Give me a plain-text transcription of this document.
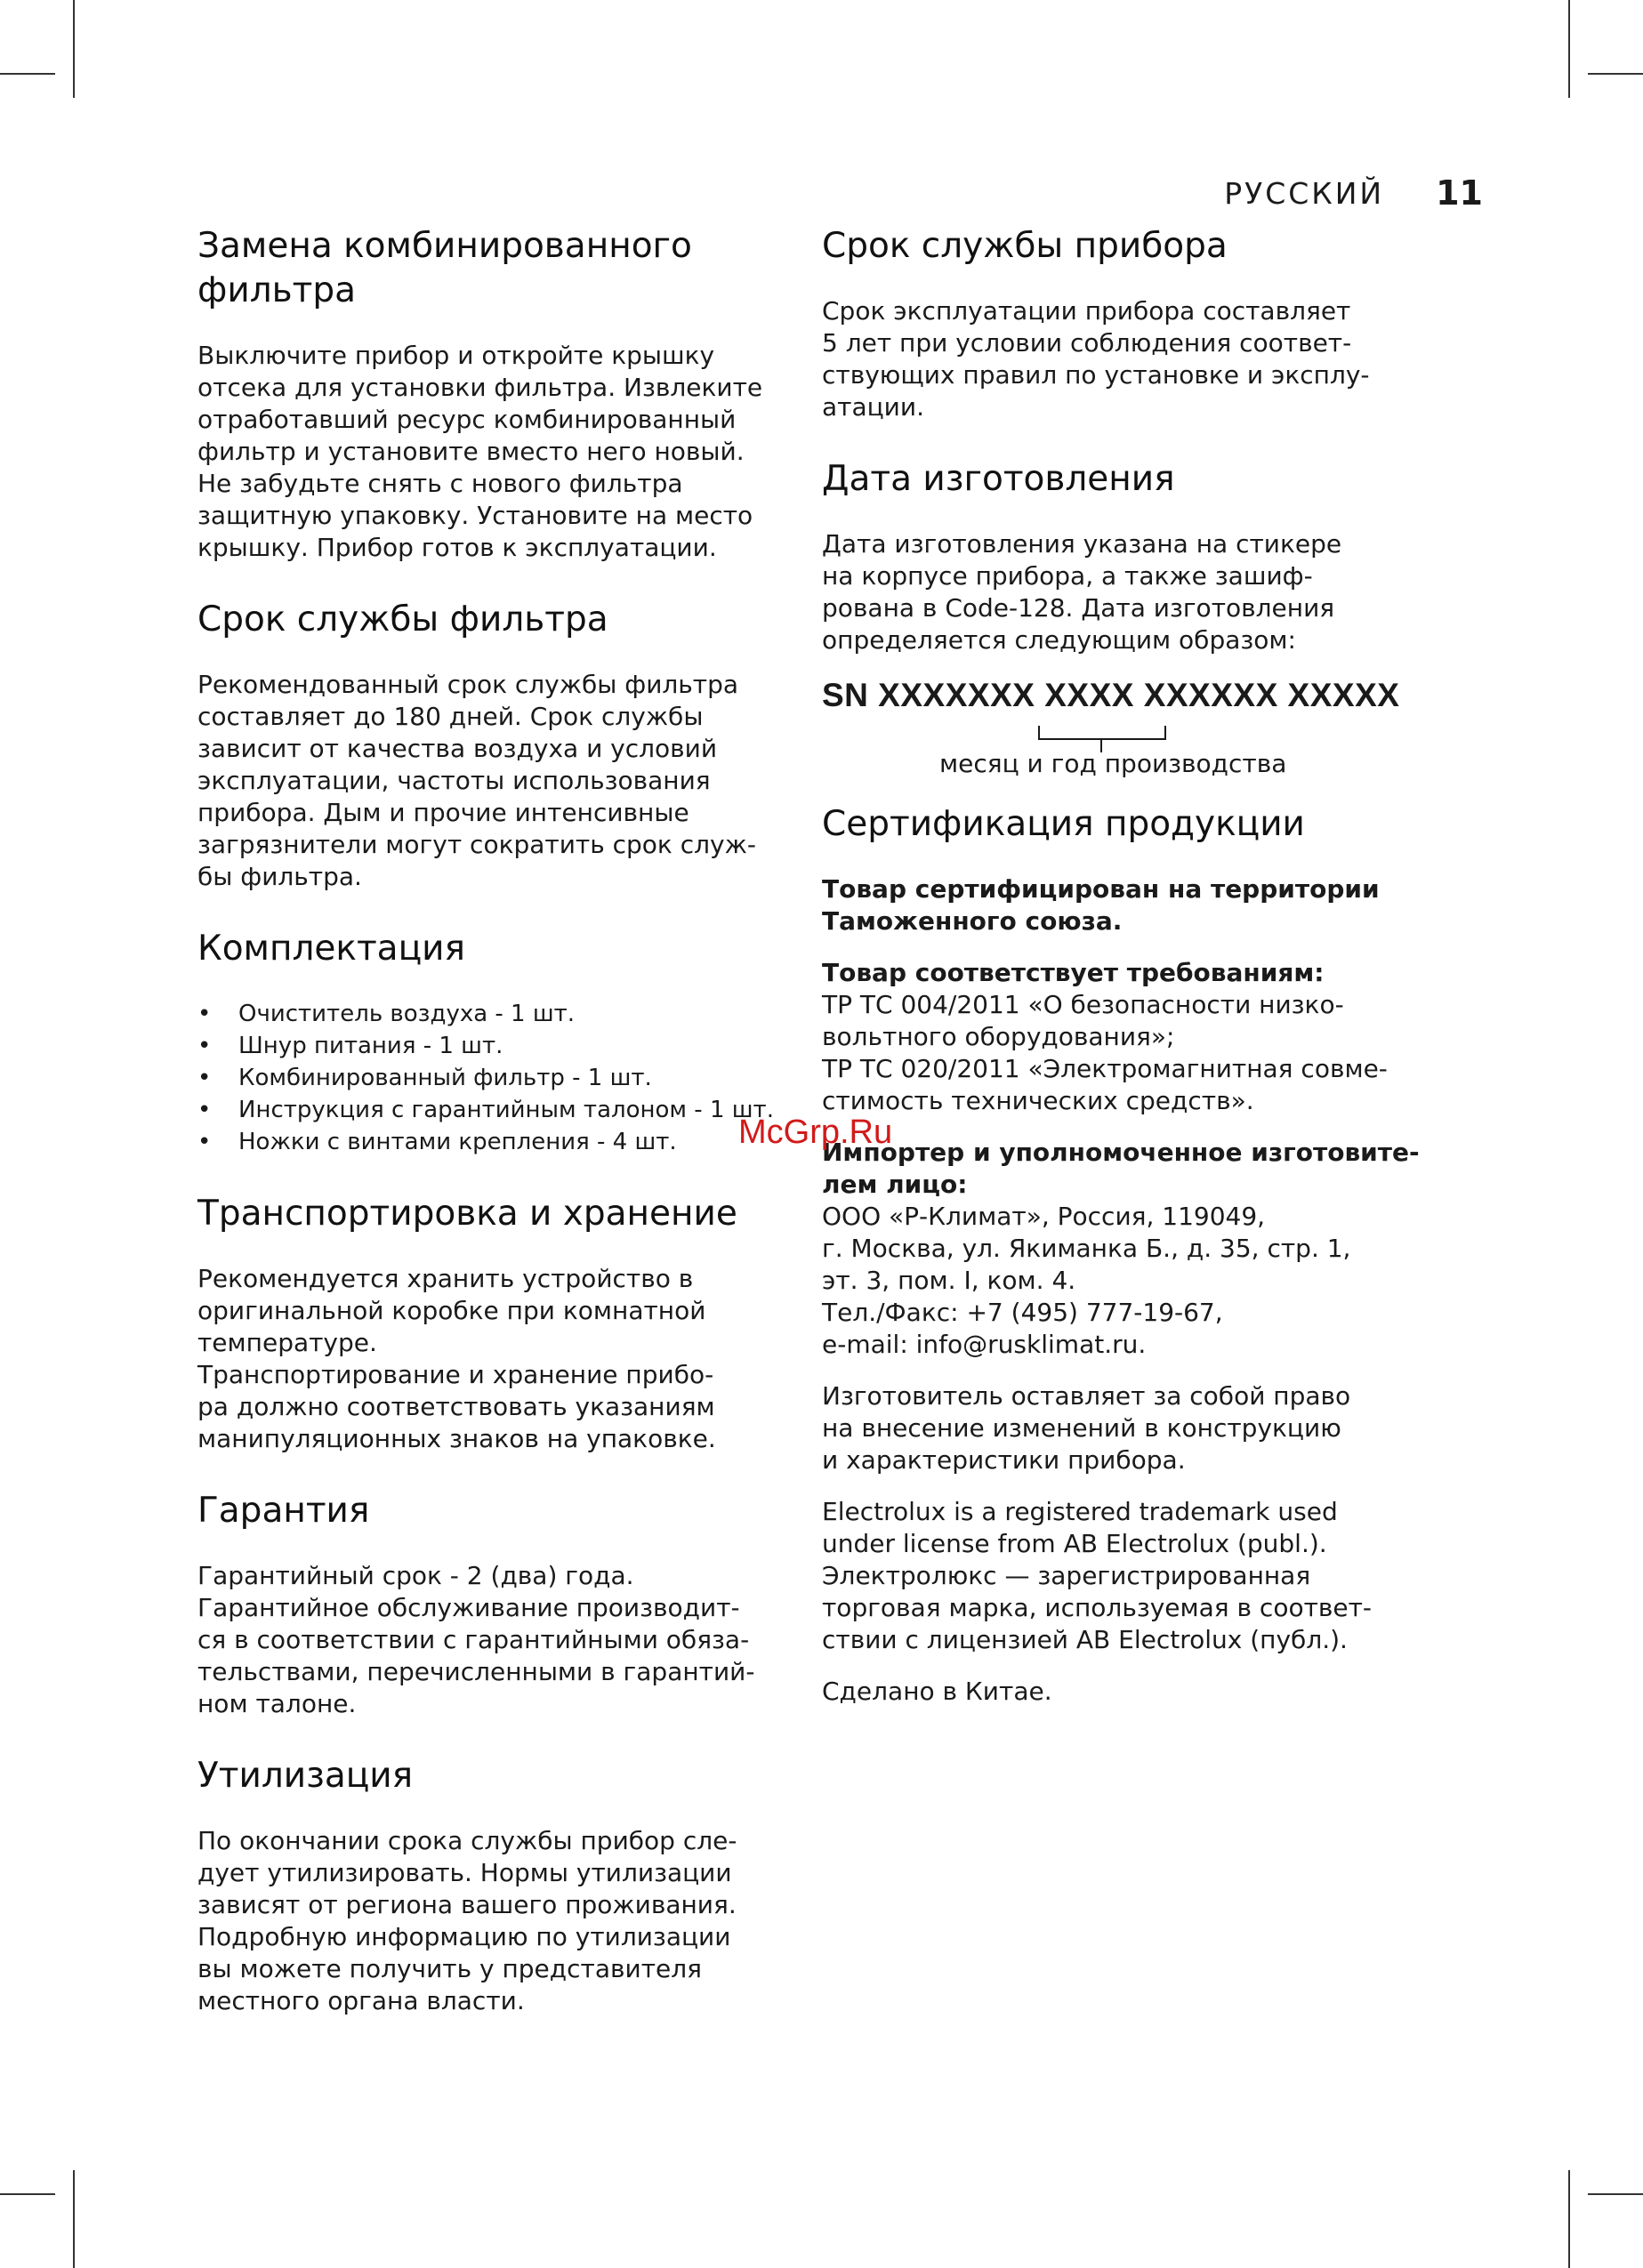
РУССКИЙ 11
Замена комбинированного
фильтра

Выключите прибор и откройте крышку
отсека для установки фильтра. Извлеките
отработавший ресурс комбинированный
фильтр и установите вместо него новый.
Не забудьте снять с нового фильтра
защитную упаковку. Установите на место
крышку. Прибор готов к эксплуатации.

Срок службы фильтра

Рекомендованный срок службы фильтра
составляет до 180 дней. Срок службы
зависит от качества воздуха и условий
эксплуатации, частоты использования
прибора. Дым и прочие интенсивные
загрязнители могут сократить срок служ-
бы фильтра.

Комплектация
• Очиститель воздуха - 1 шт.
• Шнур питания - 1 шт.
• Комбинированный фильтр - 1 шт.
• Инструкция с гарантийным талоном - 1 шт.
• Ножки с винтами крепления - 4 шт.
Транспортировка и хранение

Рекомендуется хранить устройство в
оригинальной коробке при комнатной
температуре.
Транспортирование и хранение прибо-
ра должно соответствовать указаниям
манипуляционных знаков на упаковке.

Гарантия

Гарантийный срок - 2 (два) года.
Гарантийное обслуживание производит-
ся в соответствии с гарантийными обяза-
тельствами, перечисленными в гарантий-
ном талоне.

Утилизация

По окончании срока службы прибор сле-
дует утилизировать. Нормы утилизации
зависят от региона вашего проживания.
Подробную информацию по утилизации
вы можете получить у представителя
местного органа власти.

Срок службы прибора

Срок эксплуатации прибора составляет
5 лет при условии соблюдения соответ-
ствующих правил по установке и эксплу-
атации.

Дата изготовления

Дата изготовления указана на стикере
на корпусе прибора, а также зашиф-
рована в Code-128. Дата изготовления
определяется следующим образом:

SN XXXXXXX XXXX XXXXXX XXXXX
месяц и год производства
Сертификация продукции

Товар сертифицирован на территории
Таможенного союза.

Товар соответствует требованиям:
ТР ТС 004/2011 «О безопасности низко-
вольтного оборудования»;
ТР ТС 020/2011 «Электромагнитная совме-
стимость технических средств».

Импортер и уполномоченное изготовите-
лем лицо:
ООО «Р-Климат», Россия, 119049,
г. Москва, ул. Якиманка Б., д. 35, стр. 1,
эт. 3, пом. I, ком. 4.
Тел./Факс: +7 (495) 777-19-67,
e-mail: info@rusklimat.ru.

Изготовитель оставляет за собой право
на внесение изменений в конструкцию
и характеристики прибора.

Electrolux is a registered trademark used
under license from AB Electrolux (publ.).
Электролюкс — зарегистрированная
торговая марка, используемая в соответ-
ствии с лицензией AB Electrolux (публ.).

Сделано в Китае.

McGrp.Ru
